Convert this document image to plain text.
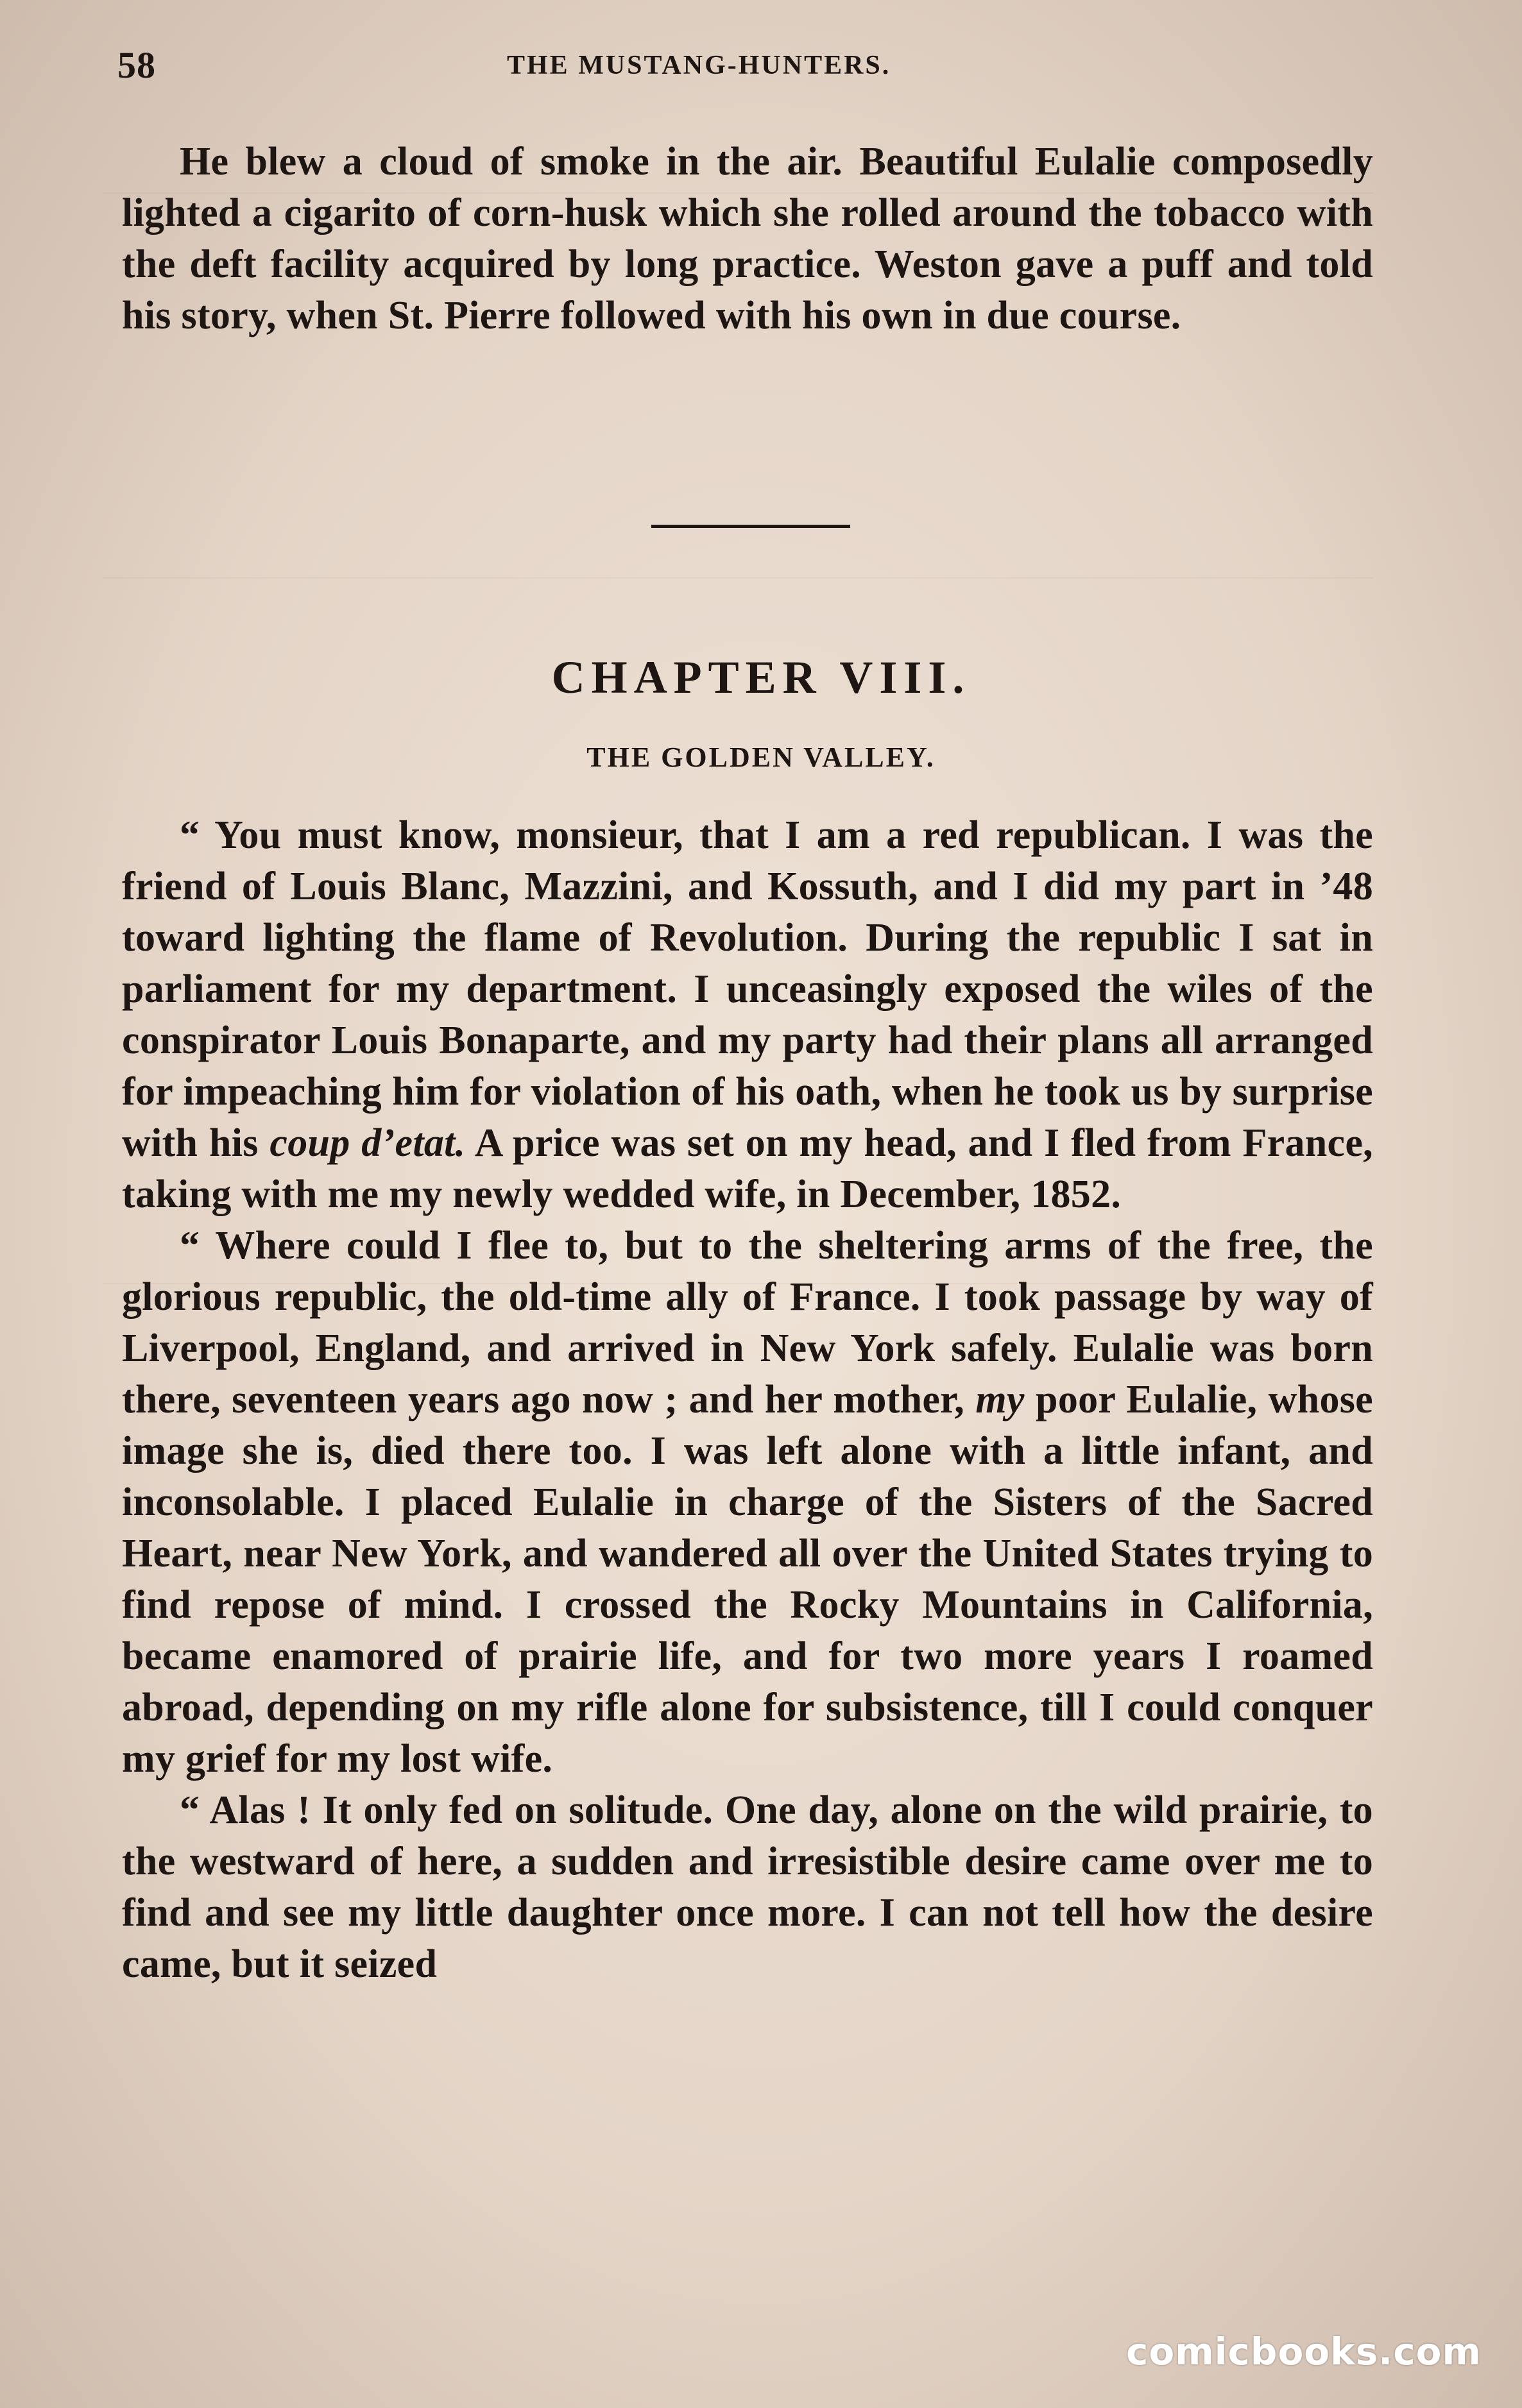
58	THE MUSTANG-HUNTERS.

He blew a cloud of smoke in the air. Beautiful Eulalie composedly lighted a cigarito of corn-husk which she rolled around the tobacco with the deft facility acquired by long practice. Weston gave a puff and told his story, when St. Pierre followed with his own in due course.

CHAPTER VIII.
THE GOLDEN VALLEY.

“ You must know, monsieur, that I am a red republican. I was the friend of Louis Blanc, Mazzini, and Kossuth, and I did my part in ’48 toward lighting the flame of Revolution. During the republic I sat in parliament for my department. I unceasingly exposed the wiles of the conspirator Louis Bonaparte, and my party had their plans all arranged for impeaching him for violation of his oath, when he took us by surprise with his coup d’etat. A price was set on my head, and I fled from France, taking with me my newly wedded wife, in December, 1852.

“ Where could I flee to, but to the sheltering arms of the free, the glorious republic, the old-time ally of France. I took passage by way of Liverpool, England, and arrived in New York safely. Eulalie was born there, seventeen years ago now ; and her mother, my poor Eulalie, whose image she is, died there too. I was left alone with a little infant, and inconsolable. I placed Eulalie in charge of the Sisters of the Sacred Heart, near New York, and wandered all over the United States trying to find repose of mind. I crossed the Rocky Mountains in California, became enamored of prairie life, and for two more years I roamed abroad, depending on my rifle alone for subsistence, till I could conquer my grief for my lost wife.

“ Alas ! It only fed on solitude. One day, alone on the wild prairie, to the westward of here, a sudden and irresistible desire came over me to find and see my little daughter once more. I can not tell how the desire came, but it seized

comicbooks.com
